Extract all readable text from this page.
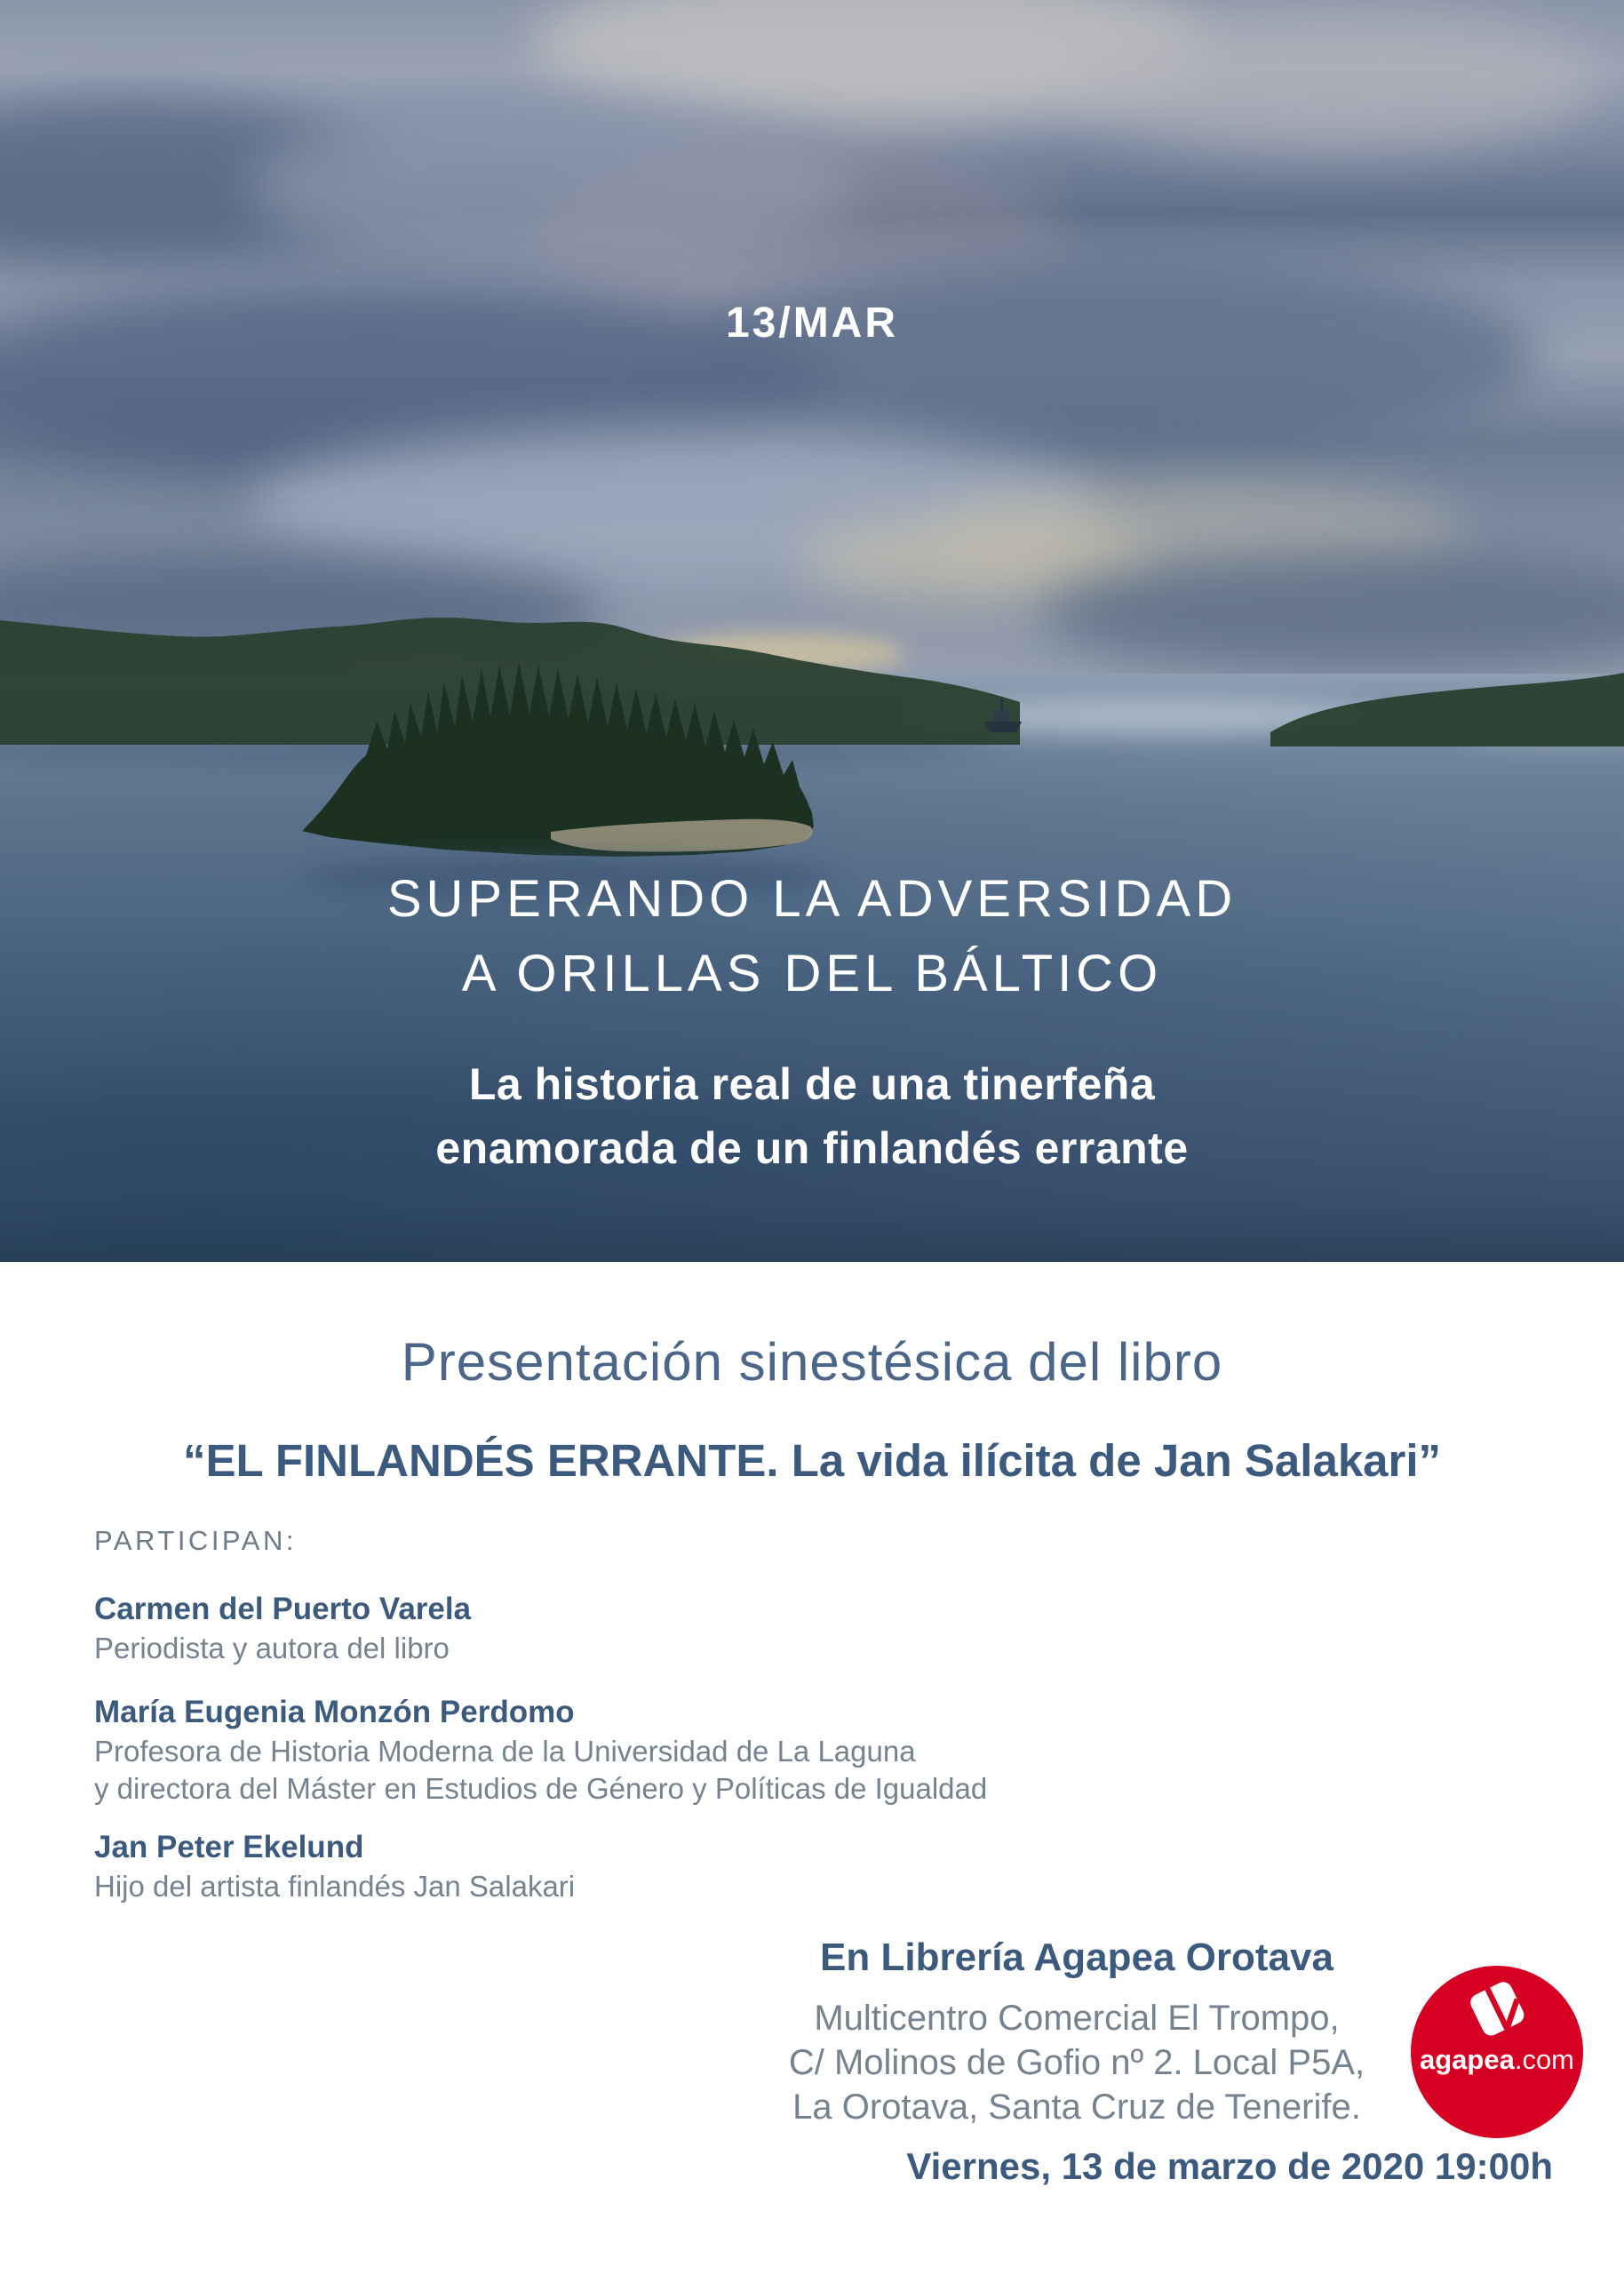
13/MAR
SUPERANDO LA ADVERSIDAD
A ORILLAS DEL BÁLTICO
La historia real de una tinerfeña
enamorada de un finlandés errante
Presentación sinestésica del libro
“EL FINLANDÉS ERRANTE. La vida ilícita de Jan Salakari”
PARTICIPAN:
Carmen del Puerto Varela
Periodista y autora del libro
María Eugenia Monzón Perdomo
Profesora de Historia Moderna de la Universidad de La Laguna
y directora del Máster en Estudios de Género y Políticas de Igualdad
Jan Peter Ekelund
Hijo del artista finlandés Jan Salakari
En Librería Agapea Orotava
Multicentro Comercial El Trompo,
C/ Molinos de Gofio nº 2. Local P5A,
La Orotava, Santa Cruz de Tenerife.
Viernes, 13 de marzo de 2020 19:00h
agapea.com
